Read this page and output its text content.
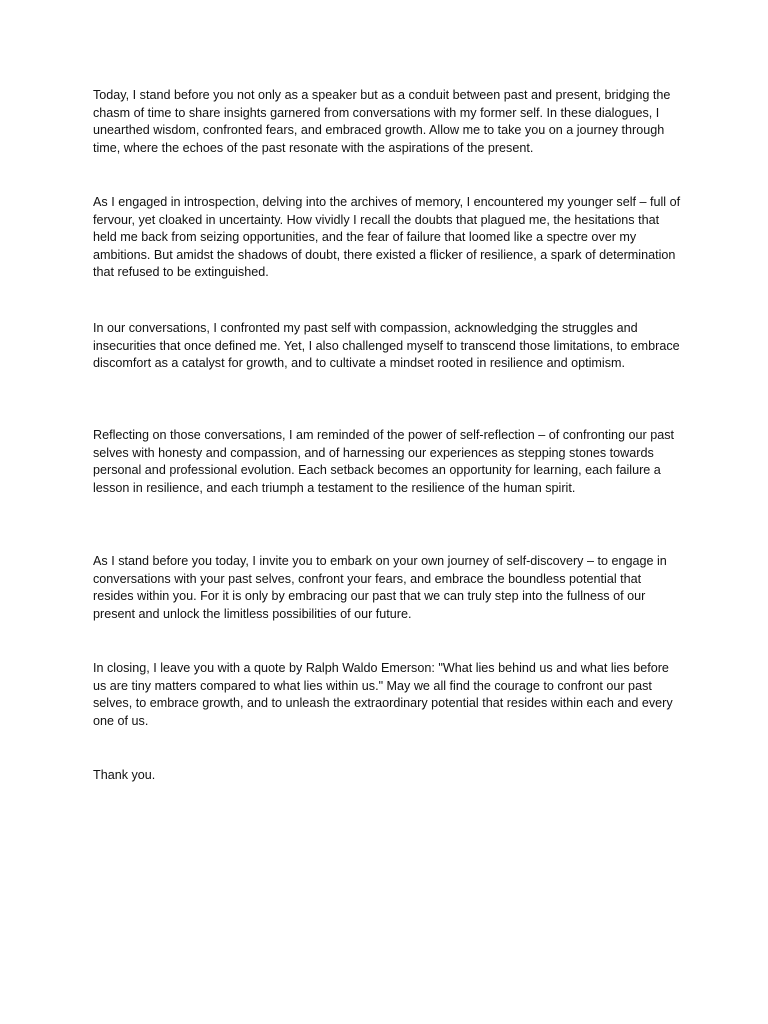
Today, I stand before you not only as a speaker but as a conduit between past and present, bridging the chasm of time to share insights garnered from conversations with my former self. In these dialogues, I unearthed wisdom, confronted fears, and embraced growth. Allow me to take you on a journey through time, where the echoes of the past resonate with the aspirations of the present.

As I engaged in introspection, delving into the archives of memory, I encountered my younger self – full of fervour, yet cloaked in uncertainty. How vividly I recall the doubts that plagued me, the hesitations that held me back from seizing opportunities, and the fear of failure that loomed like a spectre over my ambitions. But amidst the shadows of doubt, there existed a flicker of resilience, a spark of determination that refused to be extinguished.

In our conversations, I confronted my past self with compassion, acknowledging the struggles and insecurities that once defined me. Yet, I also challenged myself to transcend those limitations, to embrace discomfort as a catalyst for growth, and to cultivate a mindset rooted in resilience and optimism.

Reflecting on those conversations, I am reminded of the power of self-reflection – of confronting our past selves with honesty and compassion, and of harnessing our experiences as stepping stones towards personal and professional evolution. Each setback becomes an opportunity for learning, each failure a lesson in resilience, and each triumph a testament to the resilience of the human spirit.

As I stand before you today, I invite you to embark on your own journey of self-discovery – to engage in conversations with your past selves, confront your fears, and embrace the boundless potential that resides within you. For it is only by embracing our past that we can truly step into the fullness of our present and unlock the limitless possibilities of our future.

In closing, I leave you with a quote by Ralph Waldo Emerson: "What lies behind us and what lies before us are tiny matters compared to what lies within us." May we all find the courage to confront our past selves, to embrace growth, and to unleash the extraordinary potential that resides within each and every one of us.

Thank you.
